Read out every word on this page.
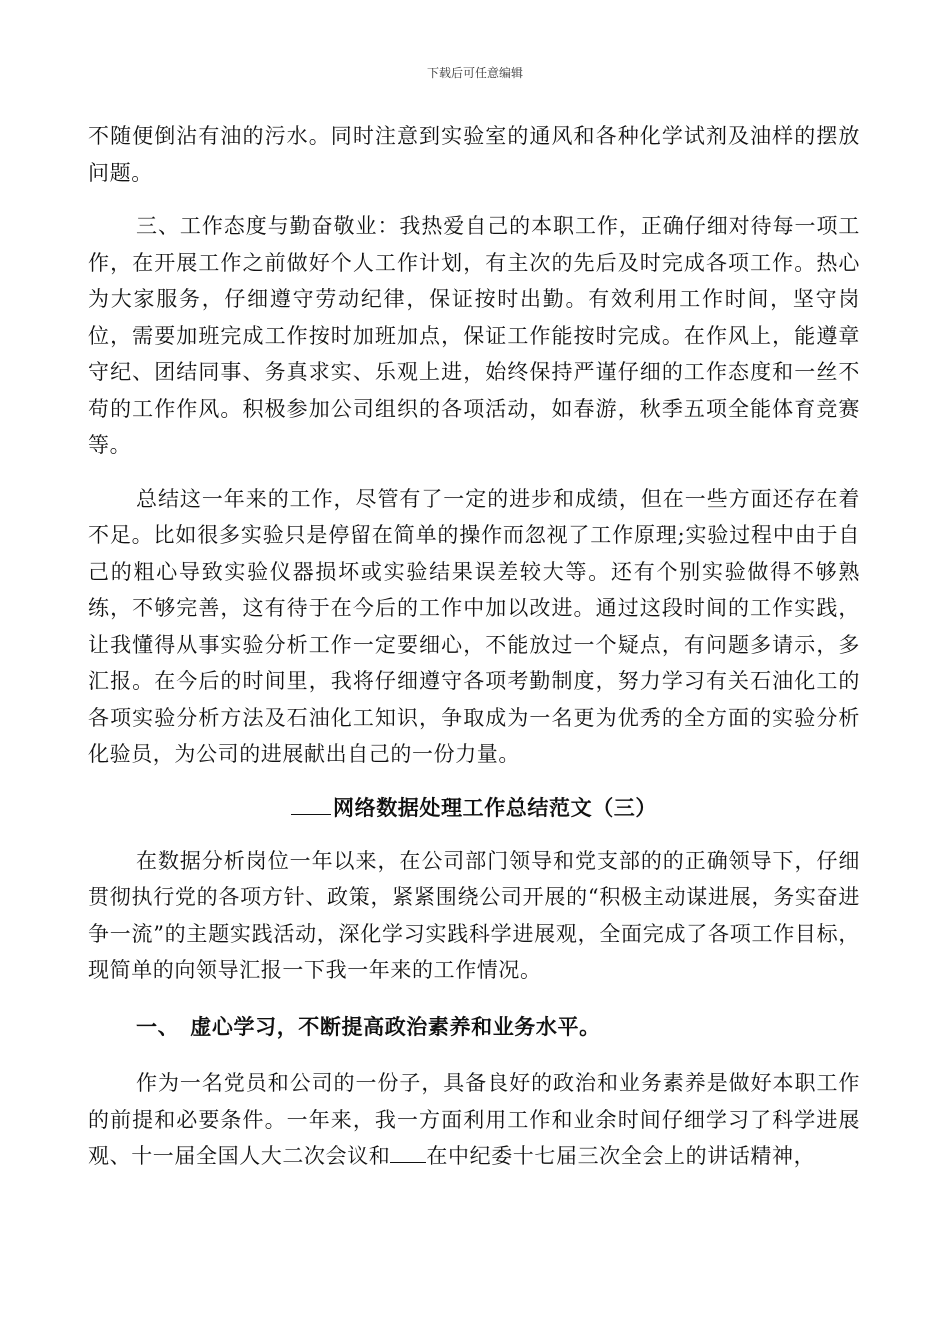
下载后可任意编辑

不随便倒沾有油的污水。同时注意到实验室的通风和各种化学试剂及油样的摆放问题。

三、工作态度与勤奋敬业：我热爱自己的本职工作，正确仔细对待每一项工作，在开展工作之前做好个人工作计划，有主次的先后及时完成各项工作。热心为大家服务，仔细遵守劳动纪律，保证按时出勤。有效利用工作时间，坚守岗位，需要加班完成工作按时加班加点，保证工作能按时完成。在作风上，能遵章守纪、团结同事、务真求实、乐观上进，始终保持严谨仔细的工作态度和一丝不苟的工作作风。积极参加公司组织的各项活动，如春游，秋季五项全能体育竞赛等。

总结这一年来的工作，尽管有了一定的进步和成绩，但在一些方面还存在着不足。比如很多实验只是停留在简单的操作而忽视了工作原理;实验过程中由于自己的粗心导致实验仪器损坏或实验结果误差较大等。还有个别实验做得不够熟练，不够完善，这有待于在今后的工作中加以改进。通过这段时间的工作实践，让我懂得从事实验分析工作一定要细心，不能放过一个疑点，有问题多请示，多汇报。在今后的时间里，我将仔细遵守各项考勤制度，努力学习有关石油化工的各项实验分析方法及石油化工知识，争取成为一名更为优秀的全方面的实验分析化验员，为公司的进展献出自己的一份力量。

网络数据处理工作总结范文（三）

在数据分析岗位一年以来，在公司部门领导和党支部的的正确领导下，仔细贯彻执行党的各项方针、政策，紧紧围绕公司开展的“积极主动谋进展，务实奋进争一流”的主题实践活动，深化学习实践科学进展观，全面完成了各项工作目标，现简单的向领导汇报一下我一年来的工作情况。

一、　虚心学习，不断提高政治素养和业务水平。

作为一名党员和公司的一份子，具备良好的政治和业务素养是做好本职工作的前提和必要条件。一年来，我一方面利用工作和业余时间仔细学习了科学进展观、十一届全国人大二次会议和 在中纪委十七届三次全会上的讲话精神，
